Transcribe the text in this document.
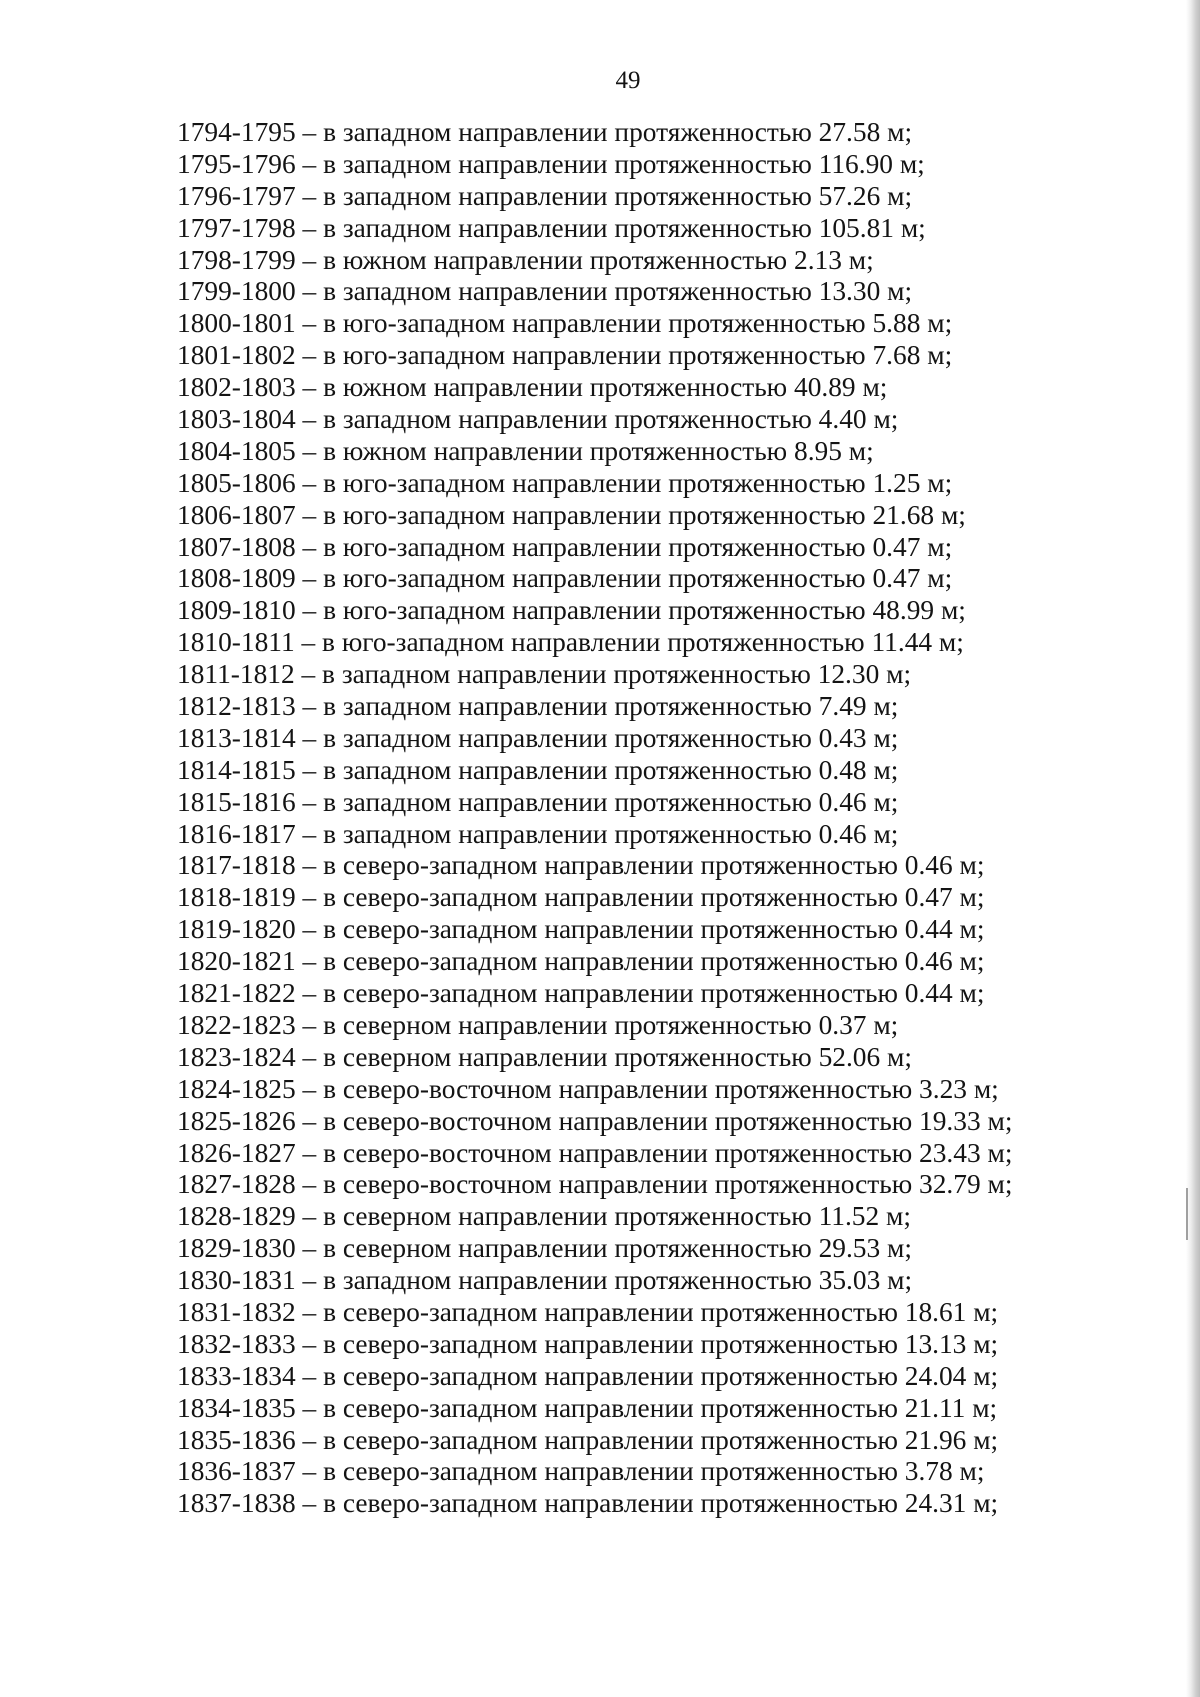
49
1794-1795 – в западном направлении протяженностью 27.58 м;
1795-1796 – в западном направлении протяженностью 116.90 м;
1796-1797 – в западном направлении протяженностью 57.26 м;
1797-1798 – в западном направлении протяженностью 105.81 м;
1798-1799 – в южном направлении протяженностью 2.13 м;
1799-1800 – в западном направлении протяженностью 13.30 м;
1800-1801 – в юго-западном направлении протяженностью 5.88 м;
1801-1802 – в юго-западном направлении протяженностью 7.68 м;
1802-1803 – в южном направлении протяженностью 40.89 м;
1803-1804 – в западном направлении протяженностью 4.40 м;
1804-1805 – в южном направлении протяженностью 8.95 м;
1805-1806 – в юго-западном направлении протяженностью 1.25 м;
1806-1807 – в юго-западном направлении протяженностью 21.68 м;
1807-1808 – в юго-западном направлении протяженностью 0.47 м;
1808-1809 – в юго-западном направлении протяженностью 0.47 м;
1809-1810 – в юго-западном направлении протяженностью 48.99 м;
1810-1811 – в юго-западном направлении протяженностью 11.44 м;
1811-1812 – в западном направлении протяженностью 12.30 м;
1812-1813 – в западном направлении протяженностью 7.49 м;
1813-1814 – в западном направлении протяженностью 0.43 м;
1814-1815 – в западном направлении протяженностью 0.48 м;
1815-1816 – в западном направлении протяженностью 0.46 м;
1816-1817 – в западном направлении протяженностью 0.46 м;
1817-1818 – в северо-западном направлении протяженностью 0.46 м;
1818-1819 – в северо-западном направлении протяженностью 0.47 м;
1819-1820 – в северо-западном направлении протяженностью 0.44 м;
1820-1821 – в северо-западном направлении протяженностью 0.46 м;
1821-1822 – в северо-западном направлении протяженностью 0.44 м;
1822-1823 – в северном направлении протяженностью 0.37 м;
1823-1824 – в северном направлении протяженностью 52.06 м;
1824-1825 – в северо-восточном направлении протяженностью 3.23 м;
1825-1826 – в северо-восточном направлении протяженностью 19.33 м;
1826-1827 – в северо-восточном направлении протяженностью 23.43 м;
1827-1828 – в северо-восточном направлении протяженностью 32.79 м;
1828-1829 – в северном направлении протяженностью 11.52 м;
1829-1830 – в северном направлении протяженностью 29.53 м;
1830-1831 – в западном направлении протяженностью 35.03 м;
1831-1832 – в северо-западном направлении протяженностью 18.61 м;
1832-1833 – в северо-западном направлении протяженностью 13.13 м;
1833-1834 – в северо-западном направлении протяженностью 24.04 м;
1834-1835 – в северо-западном направлении протяженностью 21.11 м;
1835-1836 – в северо-западном направлении протяженностью 21.96 м;
1836-1837 – в северо-западном направлении протяженностью 3.78 м;
1837-1838 – в северо-западном направлении протяженностью 24.31 м;
